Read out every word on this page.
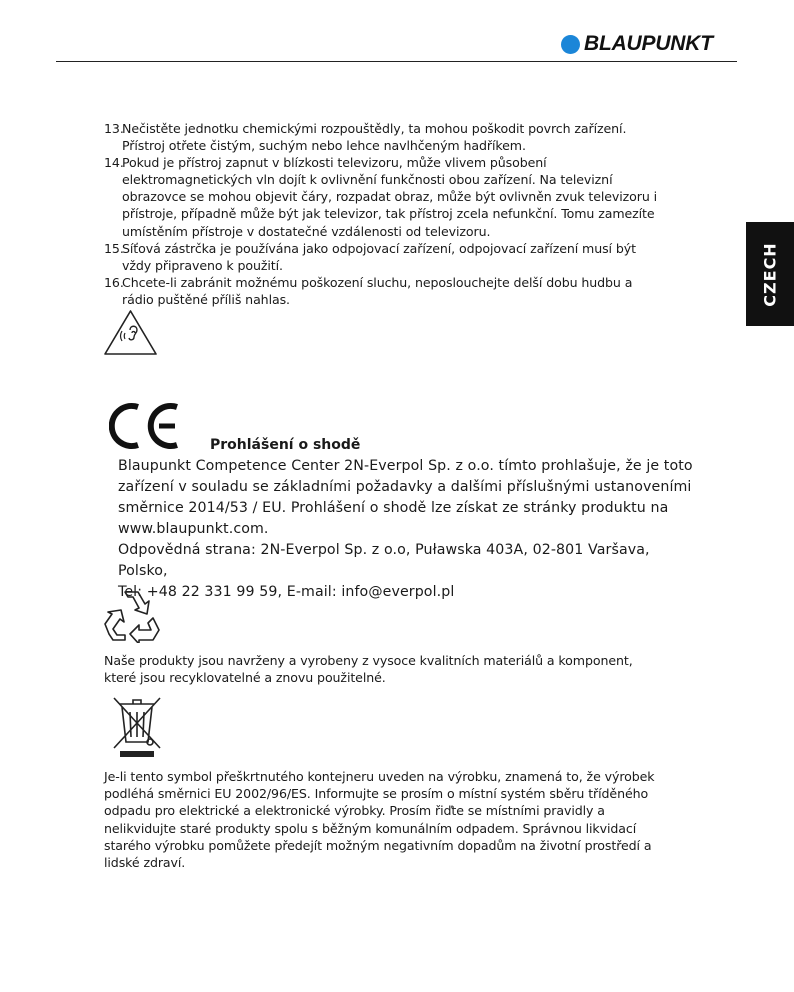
BLAUPUNKT
CZECH
13.
Nečistěte jednotku chemickými rozpouštědly, ta mohou poškodit povrch zařízení.
Přístroj otřete čistým, suchým nebo lehce navlhčeným hadříkem.
14.
Pokud je přístroj zapnut v blízkosti televizoru, může vlivem působení
elektromagnetických vln dojít k ovlivnění funkčnosti obou zařízení. Na televizní
obrazovce se mohou objevit čáry, rozpadat obraz, může být ovlivněn zvuk televizoru i
přístroje, případně může být jak televizor, tak přístroj zcela nefunkční. Tomu zamezíte
umístěním přístroje v dostatečné vzdálenosti od televizoru.
15.
Síťová zástrčka je používána jako odpojovací zařízení, odpojovací zařízení musí být
vždy připraveno k použití.
16.
Chcete-li zabránit možnému poškození sluchu, neposlouchejte delší dobu hudbu a
rádio puštěné příliš nahlas.
Prohlášení o shodě
Blaupunkt Competence Center 2N-Everpol Sp. z o.o. tímto prohlašuje, že je toto
zařízení v souladu se základními požadavky a dalšími příslušnými ustanoveními
směrnice 2014/53 / EU. Prohlášení o shodě lze získat ze stránky produktu na
www.blaupunkt.com.
Odpovědná strana: 2N-Everpol Sp. z o.o, Puławska 403A, 02-801 Varšava, Polsko,
Tel: +48 22 331 99 59, E-mail: info@everpol.pl
Naše produkty jsou navrženy a vyrobeny z vysoce kvalitních materiálů a komponent,
které jsou recyklovatelné a znovu použitelné.
Je-li tento symbol přeškrtnutého kontejneru uveden na výrobku, znamená to, že výrobek
podléhá směrnici EU 2002/96/ES. Informujte se prosím o místní systém sběru tříděného
odpadu pro elektrické a elektronické výrobky. Prosím řiďte se místními pravidly a
nelikvidujte staré produkty spolu s běžným komunálním odpadem. Správnou likvidací
starého výrobku pomůžete předejít možným negativním dopadům na životní prostředí a
lidské zdraví.
